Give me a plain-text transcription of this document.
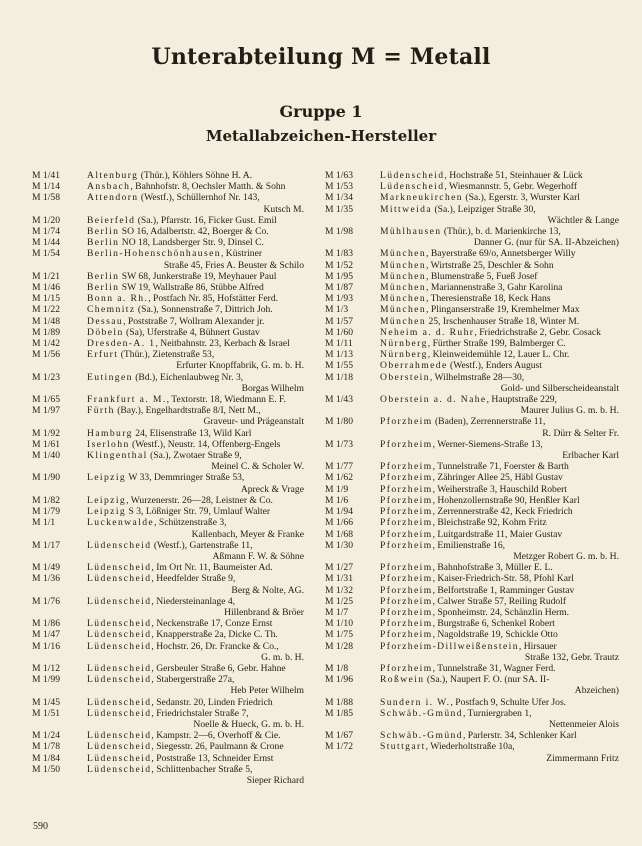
Unterabteilung M = Metall
Gruppe 1
Metallabzeichen-Hersteller
M 1/41	Altenburg (Thür.), Köhlers Söhne H. A.
M 1/14	Ansbach, Bahnhofstr. 8, Oechsler Matth. & Sohn
M 1/58	Attendorn (Westf.), Schüllernhof Nr. 143,
Kutsch M.
M 1/20	Beierfeld (Sa.), Pfarrstr. 16, Ficker Gust. Emil
M 1/74	Berlin SO 16, Adalbertstr. 42, Boerger & Co.
M 1/44	Berlin NO 18, Landsberger Str. 9, Dinsel C.
M 1/54	Berlin-Hohenschönhausen, Küstriner
Straße 45, Fries A. Beuster & Schilo
M 1/21	Berlin SW 68, Junkerstraße 19, Meyhauer Paul
M 1/46	Berlin SW 19, Wallstraße 86, Stübbe Alfred
M 1/15	Bonn a. Rh., Postfach Nr. 85, Hofstätter Ferd.
M 1/22	Chemnitz (Sa.), Sonnenstraße 7, Dittrich Joh.
M 1/48	Dessau, Poststraße 7, Wollram Alexander jr.
M 1/89	Döbeln (Sa), Uferstraße 4, Bühnert Gustav
M 1/42	Dresden-A. 1, Neitbahnstr. 23, Kerbach & Israel
M 1/56	Erfurt (Thür.), Zietenstraße 53,
Erfurter Knopffabrik, G. m. b. H.
M 1/23	Eutingen (Bd.), Eichenlaubweg Nr. 3,
Borgas Wilhelm
M 1/65	Frankfurt a. M., Textorstr. 18, Wiedmann E. F.
M 1/97	Fürth (Bay.), Engelhardtstraße 8/I, Nett M.,
Graveur- und Prägeanstalt
M 1/92	Hamburg 24, Elisenstraße 13, Wild Karl
M 1/61	Iserlohn (Westf.), Neustr. 14, Offenberg-Engels
M 1/40	Klingenthal (Sa.), Zwotaer Straße 9,
Meinel C. & Scholer W.
M 1/90	Leipzig W 33, Demmringer Straße 53,
Apreck & Vrage
M 1/82	Leipzig, Wurzenerstr. 26—28, Leistner & Co.
M 1/79	Leipzig S 3, Lößniger Str. 79, Umlauf Walter
M 1/1	Luckenwalde, Schützenstraße 3,
Kallenbach, Meyer & Franke
M 1/17	Lüdenscheid (Westf.), Gartenstraße 11,
Aßmann F. W. & Söhne
M 1/49	Lüdenscheid, Im Ort Nr. 11, Baumeister Ad.
M 1/36	Lüdenscheid, Heedfelder Straße 9,
Berg & Nolte, AG.
M 1/76	Lüdenscheid, Niedersteinanlage 4,
Hillenbrand & Bröer
M 1/86	Lüdenscheid, Neckenstraße 17, Conze Ernst
M 1/47	Lüdenscheid, Knapperstraße 2a, Dicke C. Th.
M 1/16	Lüdenscheid, Hochstr. 26, Dr. Francke & Co.,
G. m. b. H.
M 1/12	Lüdenscheid, Gersbeuler Straße 6, Gebr. Hahne
M 1/99	Lüdenscheid, Stabergerstraße 27a,
Heb Peter Wilhelm
M 1/45	Lüdenscheid, Sedanstr. 20, Linden Friedrich
M 1/51	Lüdenscheid, Friedrichstaler Straße 7,
Noelle & Hueck, G. m. b. H.
M 1/24	Lüdenscheid, Kampstr. 2—6, Overhoff & Cie.
M 1/78	Lüdenscheid, Siegesstr. 26, Paulmann & Crone
M 1/84	Lüdenscheid, Poststraße 13, Schneider Ernst
M 1/50	Lüdenscheid, Schlittenbacher Straße 5,
Sieper Richard
M 1/63	Lüdenscheid, Hochstraße 51, Steinhauer & Lück
M 1/53	Lüdenscheid, Wiesmannstr. 5, Gebr. Wegerhoff
M 1/34	Markneukirchen (Sa.), Egerstr. 3, Wurster Karl
M 1/35	Mittweida (Sa.), Leipziger Straße 30,
Wächtler & Lange
M 1/98	Mühlhausen (Thür.), b. d. Marienkirche 13,
Danner G. (nur für SA. II-Abzeichen)
M 1/83	München, Bayerstraße 69/o, Annetsberger Willy
M 1/52	München, Wirtstraße 25, Deschler & Sohn
M 1/95	München, Blumenstraße 5, Fueß Josef
M 1/87	München, Mariannenstraße 3, Gahr Karolina
M 1/93	München, Theresienstraße 18, Keck Hans
M 1/3	München, Plinganserstraße 19, Kremhelmer Max
M 1/57	München 25, Irschenhauser Straße 18, Winter M.
M 1/60	Neheim a. d. Ruhr, Friedrichstraße 2, Gebr. Cosack
M 1/11	Nürnberg, Fürther Straße 199, Balmberger C.
M 1/13	Nürnberg, Kleinweidemühle 12, Lauer L. Chr.
M 1/55	Oberrahmede (Westf.), Enders August
M 1/18	Oberstein, Wilhelmstraße 28—30,
Gold- und Silberscheideanstalt
M 1/43	Oberstein a. d. Nahe, Hauptstraße 229,
Maurer Julius G. m. b. H.
M 1/80	Pforzheim (Baden), Zerrennerstraße 11,
R. Dürr & Selter Fr.
M 1/73	Pforzheim, Werner-Siemens-Straße 13,
Erlbacher Karl
M 1/77	Pforzheim, Tunnelstraße 71, Foerster & Barth
M 1/62	Pforzheim, Zähringer Allee 25, Häbl Gustav
M 1/9	Pforzheim, Weiherstraße 3, Hauschild Robert
M 1/6	Pforzheim, Hohenzollernstraße 90, Henßler Karl
M 1/94	Pforzheim, Zerrennerstraße 42, Keck Friedrich
M 1/66	Pforzheim, Bleichstraße 92, Kohm Fritz
M 1/68	Pforzheim, Luitgardstraße 11, Maier Gustav
M 1/30	Pforzheim, Emilienstraße 16,
Metzger Robert G. m. b. H.
M 1/27	Pforzheim, Bahnhofstraße 3, Müller E. L.
M 1/31	Pforzheim, Kaiser-Friedrich-Str. 58, Pfohl Karl
M 1/32	Pforzheim, Belfortstraße 1, Ramminger Gustav
M 1/25	Pforzheim, Calwer Straße 57, Reiling Rudolf
M 1/7	Pforzheim, Sponheimstr. 24, Schänzlin Herm.
M 1/10	Pforzheim, Burgstraße 6, Schenkel Robert
M 1/75	Pforzheim, Nagoldstraße 19, Schickle Otto
M 1/28	Pforzheim-Dillweißenstein, Hirsauer
Straße 132, Gebr. Trautz
M 1/8	Pforzheim, Tunnelstraße 31, Wagner Ferd.
M 1/96	Roßwein (Sa.), Naupert F. O. (nur SA. II-
Abzeichen)
M 1/88	Sundern i. W., Postfach 9, Schulte Ufer Jos.
M 1/85	Schwäb.-Gmünd, Turniergraben 1,
Nettenmeier Alois
M 1/67	Schwäb.-Gmünd, Parlerstr. 34, Schlenker Karl
M 1/72	Stuttgart, Wiederholtstraße 10a,
Zimmermann Fritz
590
